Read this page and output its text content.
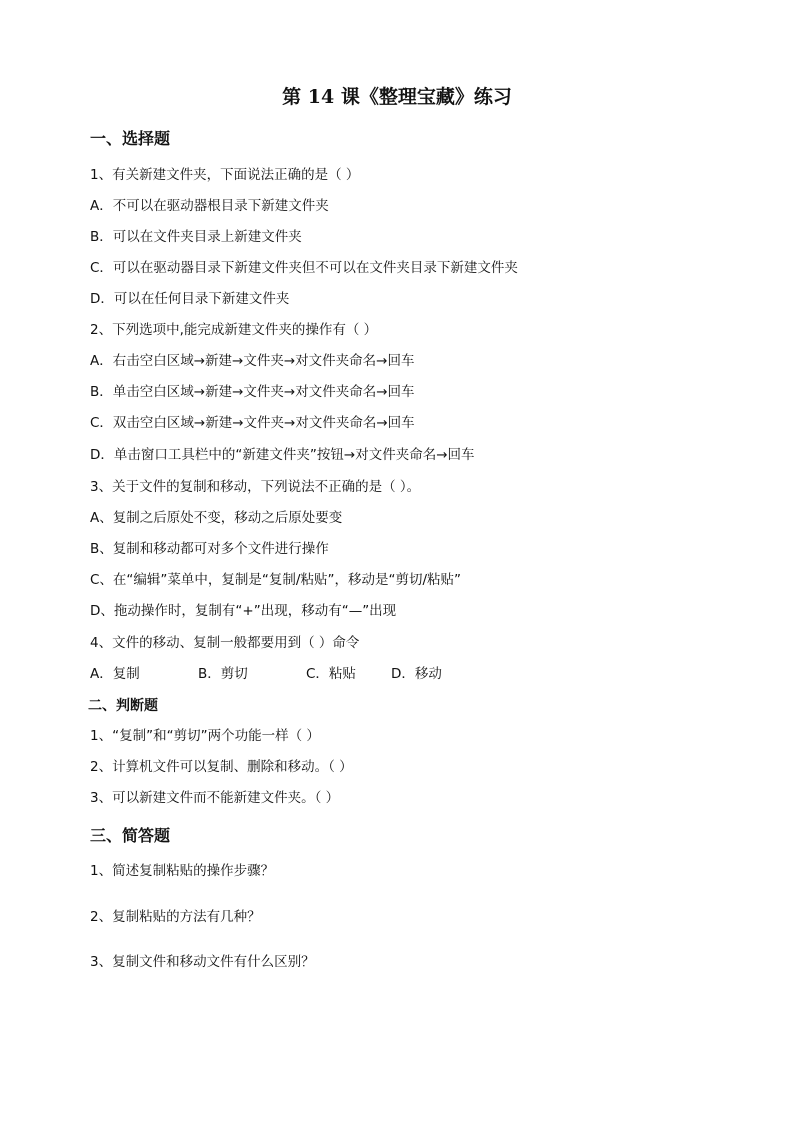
第 14 课《整理宝藏》练习
一、选择题
1、有关新建文件夹，下面说法正确的是（ ）
A．不可以在驱动器根目录下新建文件夹
B．可以在文件夹目录上新建文件夹
C．可以在驱动器目录下新建文件夹但不可以在文件夹目录下新建文件夹
D．可以在任何目录下新建文件夹
2、下列选项中,能完成新建文件夹的操作有（ ）
A．右击空白区域→新建→文件夹→对文件夹命名→回车
B．单击空白区域→新建→文件夹→对文件夹命名→回车
C．双击空白区域→新建→文件夹→对文件夹命名→回车
D．单击窗口工具栏中的“新建文件夹”按钮→对文件夹命名→回车
3、关于文件的复制和移动，下列说法不正确的是（ ）。
A、复制之后原处不变，移动之后原处要变
B、复制和移动都可对多个文件进行操作
C、在“编辑”菜单中，复制是“复制/粘贴”，移动是“剪切/粘贴”
D、拖动操作时，复制有“+”出现，移动有“—”出现
4、文件的移动、复制一般都要用到（ ）命令
A．复制	B．剪切	C．粘贴	D．移动
二、判断题
1、“复制”和“剪切”两个功能一样（ ）
2、计算机文件可以复制、删除和移动。（ ）
3、可以新建文件而不能新建文件夹。（ ）
三、简答题
1、简述复制粘贴的操作步骤？
2、复制粘贴的方法有几种？
3、复制文件和移动文件有什么区别？
